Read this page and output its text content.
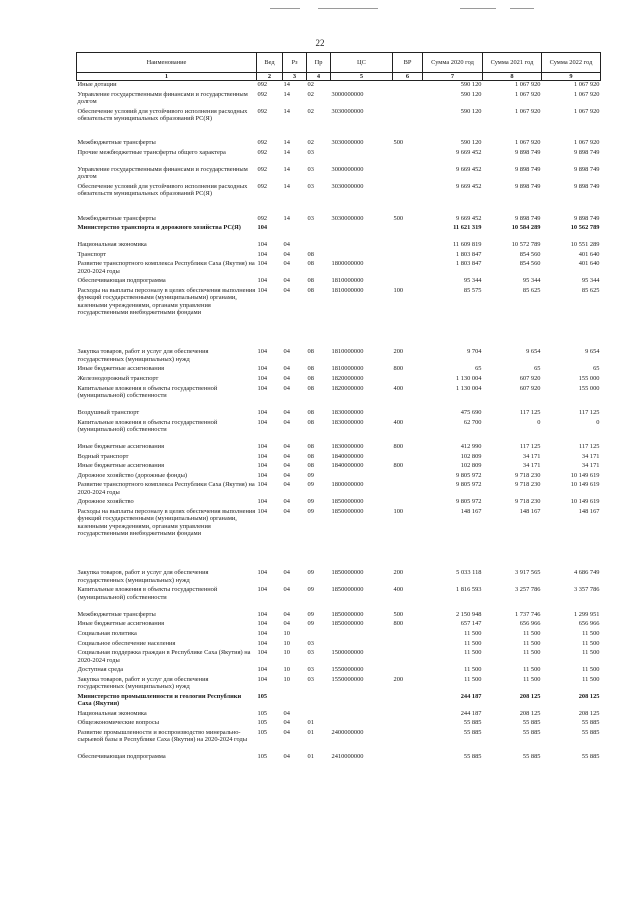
22
Наименование	Вед	Рз	Пр	ЦС	ВР	Сумма 2020 год	Сумма 2021 год	Сумма 2022 год
1	2	3	4	5	6	7	8	9
Иные дотации	092	14	02			590 120	1 067 920	1 067 920
Управление государственными финансами и государственным долгом	092	14	02	3000000000		590 120	1 067 920	1 067 920
Обеспечение условий для устойчивого исполнения расходных обязательств муниципальных образований РС(Я)	092	14	02	3030000000		590 120	1 067 920	1 067 920
Межбюджетные трансферты	092	14	02	3030000000	500	590 120	1 067 920	1 067 920
Прочие межбюджетные трансферты общего характера	092	14	03			9 669 452	9 898 749	9 898 749
Управление государственными финансами и государственным долгом	092	14	03	3000000000		9 669 452	9 898 749	9 898 749
Обеспечение условий для устойчивого исполнения расходных обязательств муниципальных образований РС(Я)	092	14	03	3030000000		9 669 452	9 898 749	9 898 749
Межбюджетные трансферты	092	14	03	3030000000	500	9 669 452	9 898 749	9 898 749
Министерство транспорта и дорожного хозяйства РС(Я)	104					11 621 319	10 584 289	10 562 789
Национальная экономика	104	04				11 609 819	10 572 789	10 551 289
Транспорт	104	04	08			1 803 847	854 560	401 640
Развитие транспортного комплекса Республики Саха (Якутия) на 2020-2024 годы	104	04	08	1800000000		1 803 847	854 560	401 640
Обеспечивающая подпрограмма	104	04	08	1810000000		95 344	95 344	95 344
Расходы на выплаты персоналу в целях обеспечения выполнения функций государственными (муниципальными) органами, казенными учреждениями, органами управления государственными внебюджетными фондами	104	04	08	1810000000	100	85 575	85 625	85 625
Закупка товаров, работ и услуг для обеспечения государственных (муниципальных) нужд	104	04	08	1810000000	200	9 704	9 654	9 654
Иные бюджетные ассигнования	104	04	08	1810000000	800	65	65	65
Железнодорожный транспорт	104	04	08	1820000000		1 130 004	607 920	155 000
Капитальные вложения в объекты государственной (муниципальной) собственности	104	04	08	1820000000	400	1 130 004	607 920	155 000
Воздушный транспорт	104	04	08	1830000000		475 690	117 125	117 125
Капитальные вложения в объекты государственной (муниципальной) собственности	104	04	08	1830000000	400	62 700	0	0
Иные бюджетные ассигнования	104	04	08	1830000000	800	412 990	117 125	117 125
Водный транспорт	104	04	08	1840000000		102 809	34 171	34 171
Иные бюджетные ассигнования	104	04	08	1840000000	800	102 809	34 171	34 171
Дорожное хозяйство (дорожные фонды)	104	04	09			9 805 972	9 718 230	10 149 619
Развитие транспортного комплекса Республики Саха (Якутия) на 2020-2024 годы	104	04	09	1800000000		9 805 972	9 718 230	10 149 619
Дорожное хозяйство	104	04	09	1850000000		9 805 972	9 718 230	10 149 619
Расходы на выплаты персоналу в целях обеспечения выполнения функций государственными (муниципальными) органами, казенными учреждениями, органами управления государственными внебюджетными фондами	104	04	09	1850000000	100	148 167	148 167	148 167
Закупка товаров, работ и услуг для обеспечения государственных (муниципальных) нужд	104	04	09	1850000000	200	5 033 118	3 917 565	4 686 749
Капитальные вложения в объекты государственной (муниципальной) собственности	104	04	09	1850000000	400	1 816 593	3 257 786	3 357 786
Межбюджетные трансферты	104	04	09	1850000000	500	2 150 948	1 737 746	1 299 951
Иные бюджетные ассигнования	104	04	09	1850000000	800	657 147	656 966	656 966
Социальная политика	104	10				11 500	11 500	11 500
Социальное обеспечение населения	104	10	03			11 500	11 500	11 500
Социальная поддержка граждан в Республике Саха (Якутия) на 2020-2024 годы	104	10	03	1500000000		11 500	11 500	11 500
Доступная среда	104	10	03	1550000000		11 500	11 500	11 500
Закупка товаров, работ и услуг для обеспечения государственных (муниципальных) нужд	104	10	03	1550000000	200	11 500	11 500	11 500
Министерство промышленности и геологии Республики Саха (Якутия)	105					244 187	208 125	208 125
Национальная экономика	105	04				244 187	208 125	208 125
Общеэкономические вопросы	105	04	01			55 885	55 885	55 885
Развитие промышленности и воспроизводство минерально-сырьевой базы в Республике Саха (Якутия) на 2020-2024 годы	105	04	01	2400000000		55 885	55 885	55 885
Обеспечивающая подпрограмма	105	04	01	2410000000		55 885	55 885	55 885
